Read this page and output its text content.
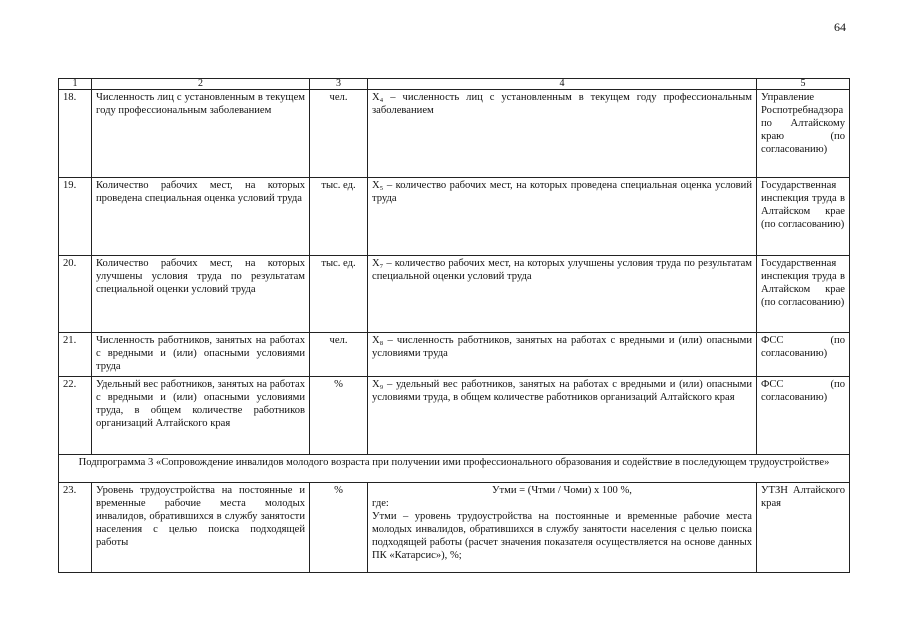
64
1	2	3	4	5
18.	Численность лиц с установленным в текущем году профессиональным заболеванием	чел.	X₄ – численность лиц с установленным в текущем году профессиональным заболеванием	Управление Роспотребнадзора по Алтайскому краю (по согласованию)
19.	Количество рабочих мест, на которых проведена специальная оценка условий труда	тыс. ед.	X₅ – количество рабочих мест, на которых проведена специальная оценка условий труда	Государственная инспекция труда в Алтайском крае (по согласованию)
20.	Количество рабочих мест, на которых улучшены условия труда по результатам специальной оценки условий труда	тыс. ед.	X₇ – количество рабочих мест, на которых улучшены условия труда по результатам специальной оценки условий труда	Государственная инспекция труда в Алтайском крае (по согласованию)
21.	Численность работников, занятых на работах с вредными и (или) опасными условиями труда	чел.	X₈ – численность работников, занятых на работах с вредными и (или) опасными условиями труда	ФСС (по согласованию)
22.	Удельный вес работников, занятых на работах с вредными и (или) опасными условиями труда, в общем количестве работников организаций Алтайского края	%	X₉ – удельный вес работников, занятых на работах с вредными и (или) опасными условиями труда, в общем количестве работников организаций Алтайского края	ФСС (по согласованию)
Подпрограмма 3 «Сопровождение инвалидов молодого возраста при получении ими профессионального образования и содействие в последующем трудоустройстве»				
23.	Уровень трудоустройства на постоянные и временные рабочие места молодых инвалидов, обратившихся в службу занятости населения с целью поиска подходящей работы	%	Утми = (Чтми / Чоми) х 100 %,
где:
Утми – уровень трудоустройства на постоянные и временные рабочие места молодых инвалидов, обратившихся в службу занятости населения с целью поиска подходящей работы (расчет значения показателя осуществляется на основе данных ПК «Катарсис»), %;	УТЗН Алтайского края
